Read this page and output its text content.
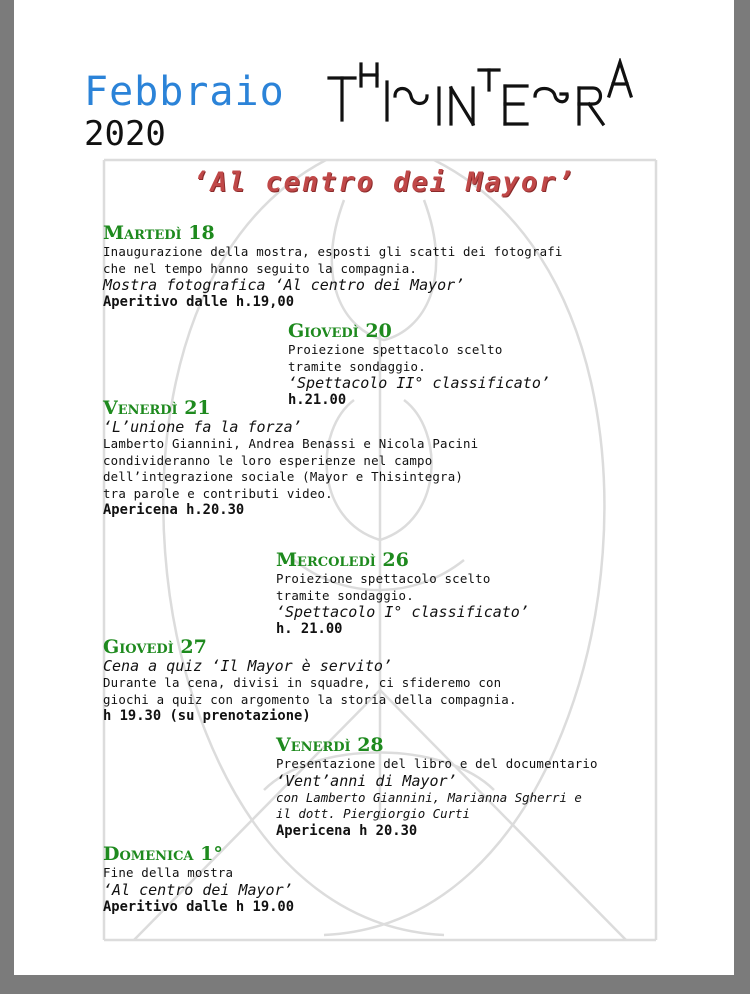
Febbraio
2020
THISINTEGRA
‘Al centro dei Mayor’
Martedì 18
Inaugurazione della mostra, esposti gli scatti dei fotografi
che nel tempo hanno seguito la compagnia.
Mostra fotografica ‘Al centro dei Mayor’
Aperitivo dalle h.19,00
Giovedì 20
Proiezione spettacolo scelto
tramite sondaggio.
‘Spettacolo II° classificato’
h.21.00
Venerdì 21
‘L’unione fa la forza’
Lamberto Giannini, Andrea Benassi e Nicola Pacini
condivideranno le loro esperienze nel campo
dell’integrazione sociale (Mayor e Thisintegra)
tra parole e contributi video.
Apericena h.20.30
Mercoledì 26
Proiezione spettacolo scelto
tramite sondaggio.
‘Spettacolo I° classificato’
h. 21.00
Giovedì 27
Cena a quiz ‘Il Mayor è servito’
Durante la cena, divisi in squadre, ci sfideremo con
giochi a quiz con argomento la storia della compagnia.
h 19.30 (su prenotazione)
Venerdì 28
Presentazione del libro e del documentario
‘Vent’anni di Mayor’
con Lamberto Giannini, Marianna Sgherri e
il dott. Piergiorgio Curti
Apericena h 20.30
Domenica 1°
Fine della mostra
‘Al centro dei Mayor’
Aperitivo dalle h 19.00
